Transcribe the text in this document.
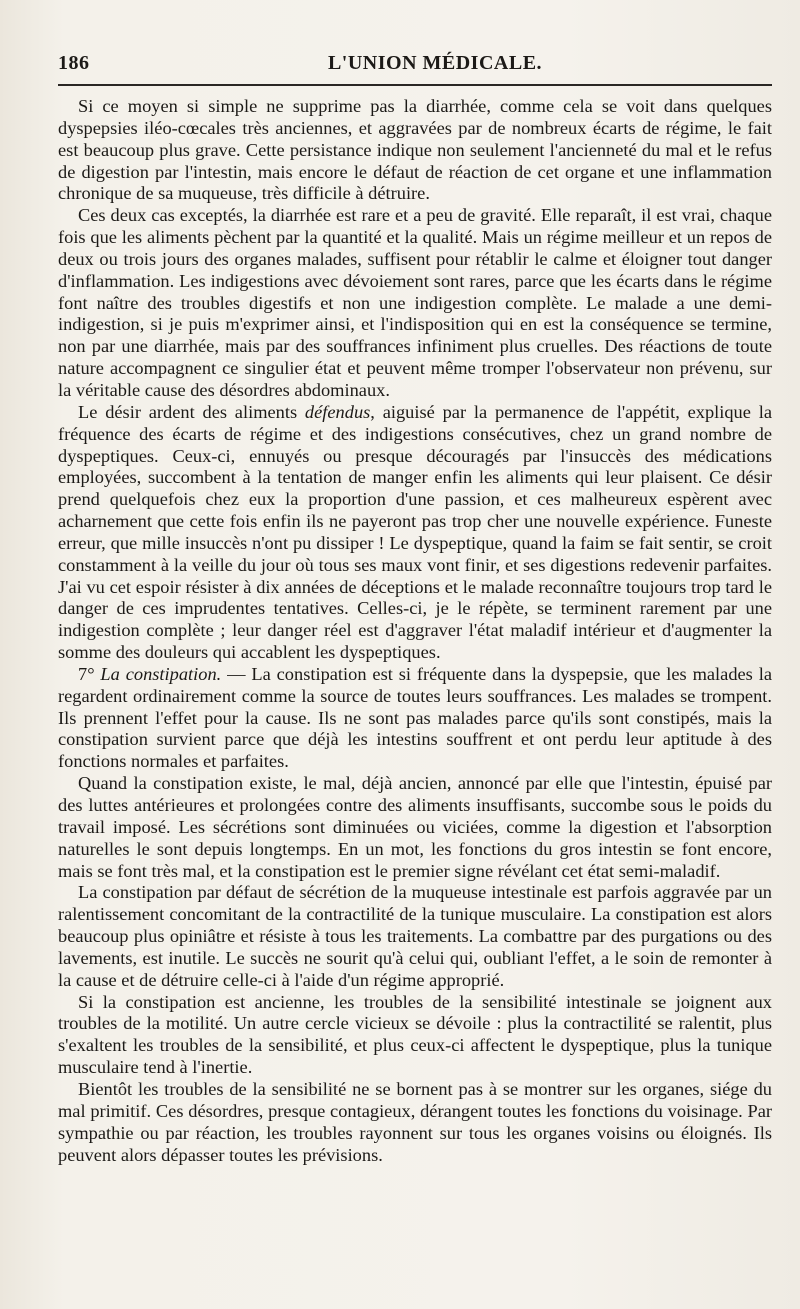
186	L'UNION MÉDICALE.

Si ce moyen si simple ne supprime pas la diarrhée, comme cela se voit dans quelques dyspepsies iléo-cœcales très anciennes, et aggravées par de nombreux écarts de régime, le fait est beaucoup plus grave. Cette persistance indique non seulement l'ancienneté du mal et le refus de digestion par l'intestin, mais encore le défaut de réaction de cet organe et une inflammation chronique de sa muqueuse, très difficile à détruire.

Ces deux cas exceptés, la diarrhée est rare et a peu de gravité. Elle reparaît, il est vrai, chaque fois que les aliments pèchent par la quantité et la qualité. Mais un régime meilleur et un repos de deux ou trois jours des organes malades, suffisent pour rétablir le calme et éloigner tout danger d'inflammation. Les indigestions avec dévoiement sont rares, parce que les écarts dans le régime font naître des troubles digestifs et non une indigestion complète. Le malade a une demi-indigestion, si je puis m'exprimer ainsi, et l'indisposition qui en est la conséquence se termine, non par une diarrhée, mais par des souffrances infiniment plus cruelles. Des réactions de toute nature accompagnent ce singulier état et peuvent même tromper l'observateur non prévenu, sur la véritable cause des désordres abdominaux.

Le désir ardent des aliments défendus, aiguisé par la permanence de l'appétit, explique la fréquence des écarts de régime et des indigestions consécutives, chez un grand nombre de dyspeptiques. Ceux-ci, ennuyés ou presque découragés par l'insuccès des médications employées, succombent à la tentation de manger enfin les aliments qui leur plaisent. Ce désir prend quelquefois chez eux la proportion d'une passion, et ces malheureux espèrent avec acharnement que cette fois enfin ils ne payeront pas trop cher une nouvelle expérience. Funeste erreur, que mille insuccès n'ont pu dissiper ! Le dyspeptique, quand la faim se fait sentir, se croit constamment à la veille du jour où tous ses maux vont finir, et ses digestions redevenir parfaites. J'ai vu cet espoir résister à dix années de déceptions et le malade reconnaître toujours trop tard le danger de ces imprudentes tentatives. Celles-ci, je le répète, se terminent rarement par une indigestion complète ; leur danger réel est d'aggraver l'état maladif intérieur et d'augmenter la somme des douleurs qui accablent les dyspeptiques.

7° La constipation. — La constipation est si fréquente dans la dyspepsie, que les malades la regardent ordinairement comme la source de toutes leurs souffrances. Les malades se trompent. Ils prennent l'effet pour la cause. Ils ne sont pas malades parce qu'ils sont constipés, mais la constipation survient parce que déjà les intestins souffrent et ont perdu leur aptitude à des fonctions normales et parfaites.

Quand la constipation existe, le mal, déjà ancien, annoncé par elle que l'intestin, épuisé par des luttes antérieures et prolongées contre des aliments insuffisants, succombe sous le poids du travail imposé. Les sécrétions sont diminuées ou viciées, comme la digestion et l'absorption naturelles le sont depuis longtemps. En un mot, les fonctions du gros intestin se font encore, mais se font très mal, et la constipation est le premier signe révélant cet état semi-maladif.

La constipation par défaut de sécrétion de la muqueuse intestinale est parfois aggravée par un ralentissement concomitant de la contractilité de la tunique musculaire. La constipation est alors beaucoup plus opiniâtre et résiste à tous les traitements. La combattre par des purgations ou des lavements, est inutile. Le succès ne sourit qu'à celui qui, oubliant l'effet, a le soin de remonter à la cause et de détruire celle-ci à l'aide d'un régime approprié.

Si la constipation est ancienne, les troubles de la sensibilité intestinale se joignent aux troubles de la motilité. Un autre cercle vicieux se dévoile : plus la contractilité se ralentit, plus s'exaltent les troubles de la sensibilité, et plus ceux-ci affectent le dyspeptique, plus la tunique musculaire tend à l'inertie.

Bientôt les troubles de la sensibilité ne se bornent pas à se montrer sur les organes, siége du mal primitif. Ces désordres, presque contagieux, dérangent toutes les fonctions du voisinage. Par sympathie ou par réaction, les troubles rayonnent sur tous les organes voisins ou éloignés. Ils peuvent alors dépasser toutes les prévisions.
